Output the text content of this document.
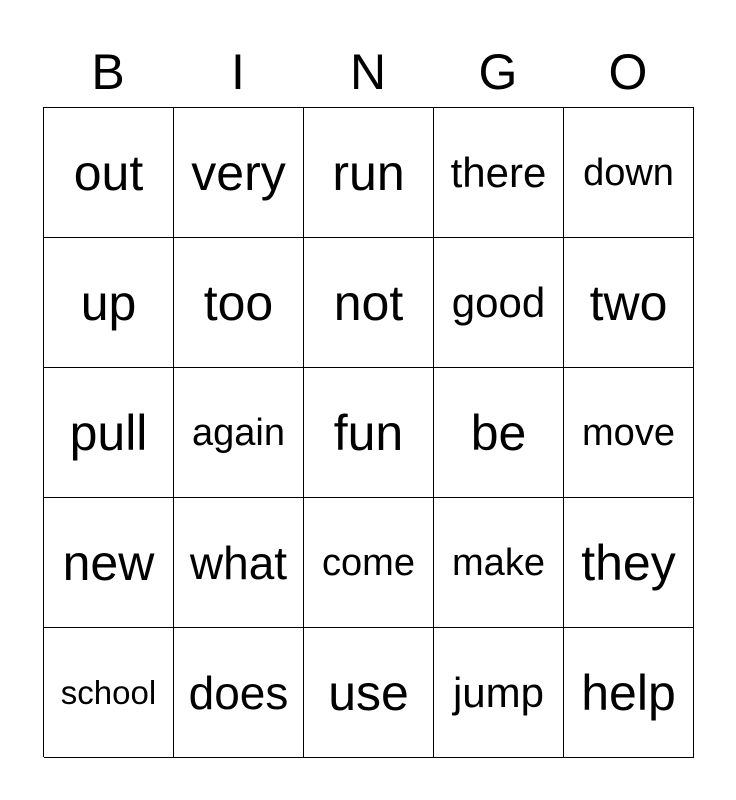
B	I	N	G	O
out very run	there down
up	too	not	good two
pull	again fun	be	move
new what come make they
school does use	jump help
